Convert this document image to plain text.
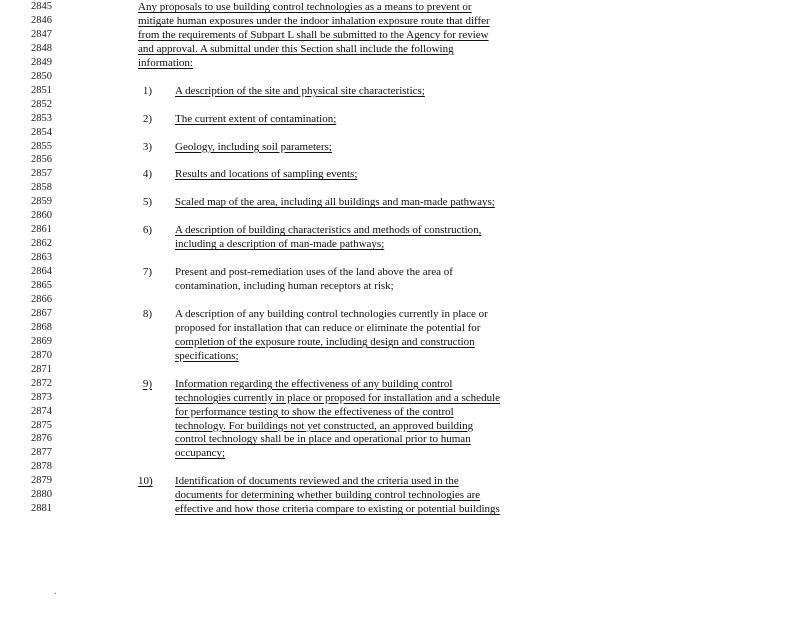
2845	Any proposals to use building control technologies as a means to prevent or
2846	mitigate human exposures under the indoor inhalation exposure route that differ
2847	from the requirements of Subpart L shall be submitted to the Agency for review
2848	and approval. A submittal under this Section shall include the following
2849	information:
2850
2851	1) A description of the site and physical site characteristics;
2852
2853	2) The current extent of contamination;
2854
2855	3) Geology, including soil parameters;
2856
2857	4) Results and locations of sampling events;
2858
2859	5) Scaled map of the area, including all buildings and man-made pathways;
2860
2861	6) A description of building characteristics and methods of construction,
2862	including a description of man-made pathways;
2863
2864	7) Present and post-remediation uses of the land above the area of
2865	contamination, including human receptors at risk;
2866
2867	8) A description of any building control technologies currently in place or
2868	proposed for installation that can reduce or eliminate the potential for
2869	completion of the exposure route, including design and construction
2870	specifications;
2871
2872	9) Information regarding the effectiveness of any building control
2873	technologies currently in place or proposed for installation and a schedule
2874	for performance testing to show the effectiveness of the control
2875	technology. For buildings not yet constructed, an approved building
2876	control technology shall be in place and operational prior to human
2877	occupancy;
2878
2879	10) Identification of documents reviewed and the criteria used in the
2880	documents for determining whether building control technologies are
2881	effective and how those criteria compare to existing or potential buildings
.
